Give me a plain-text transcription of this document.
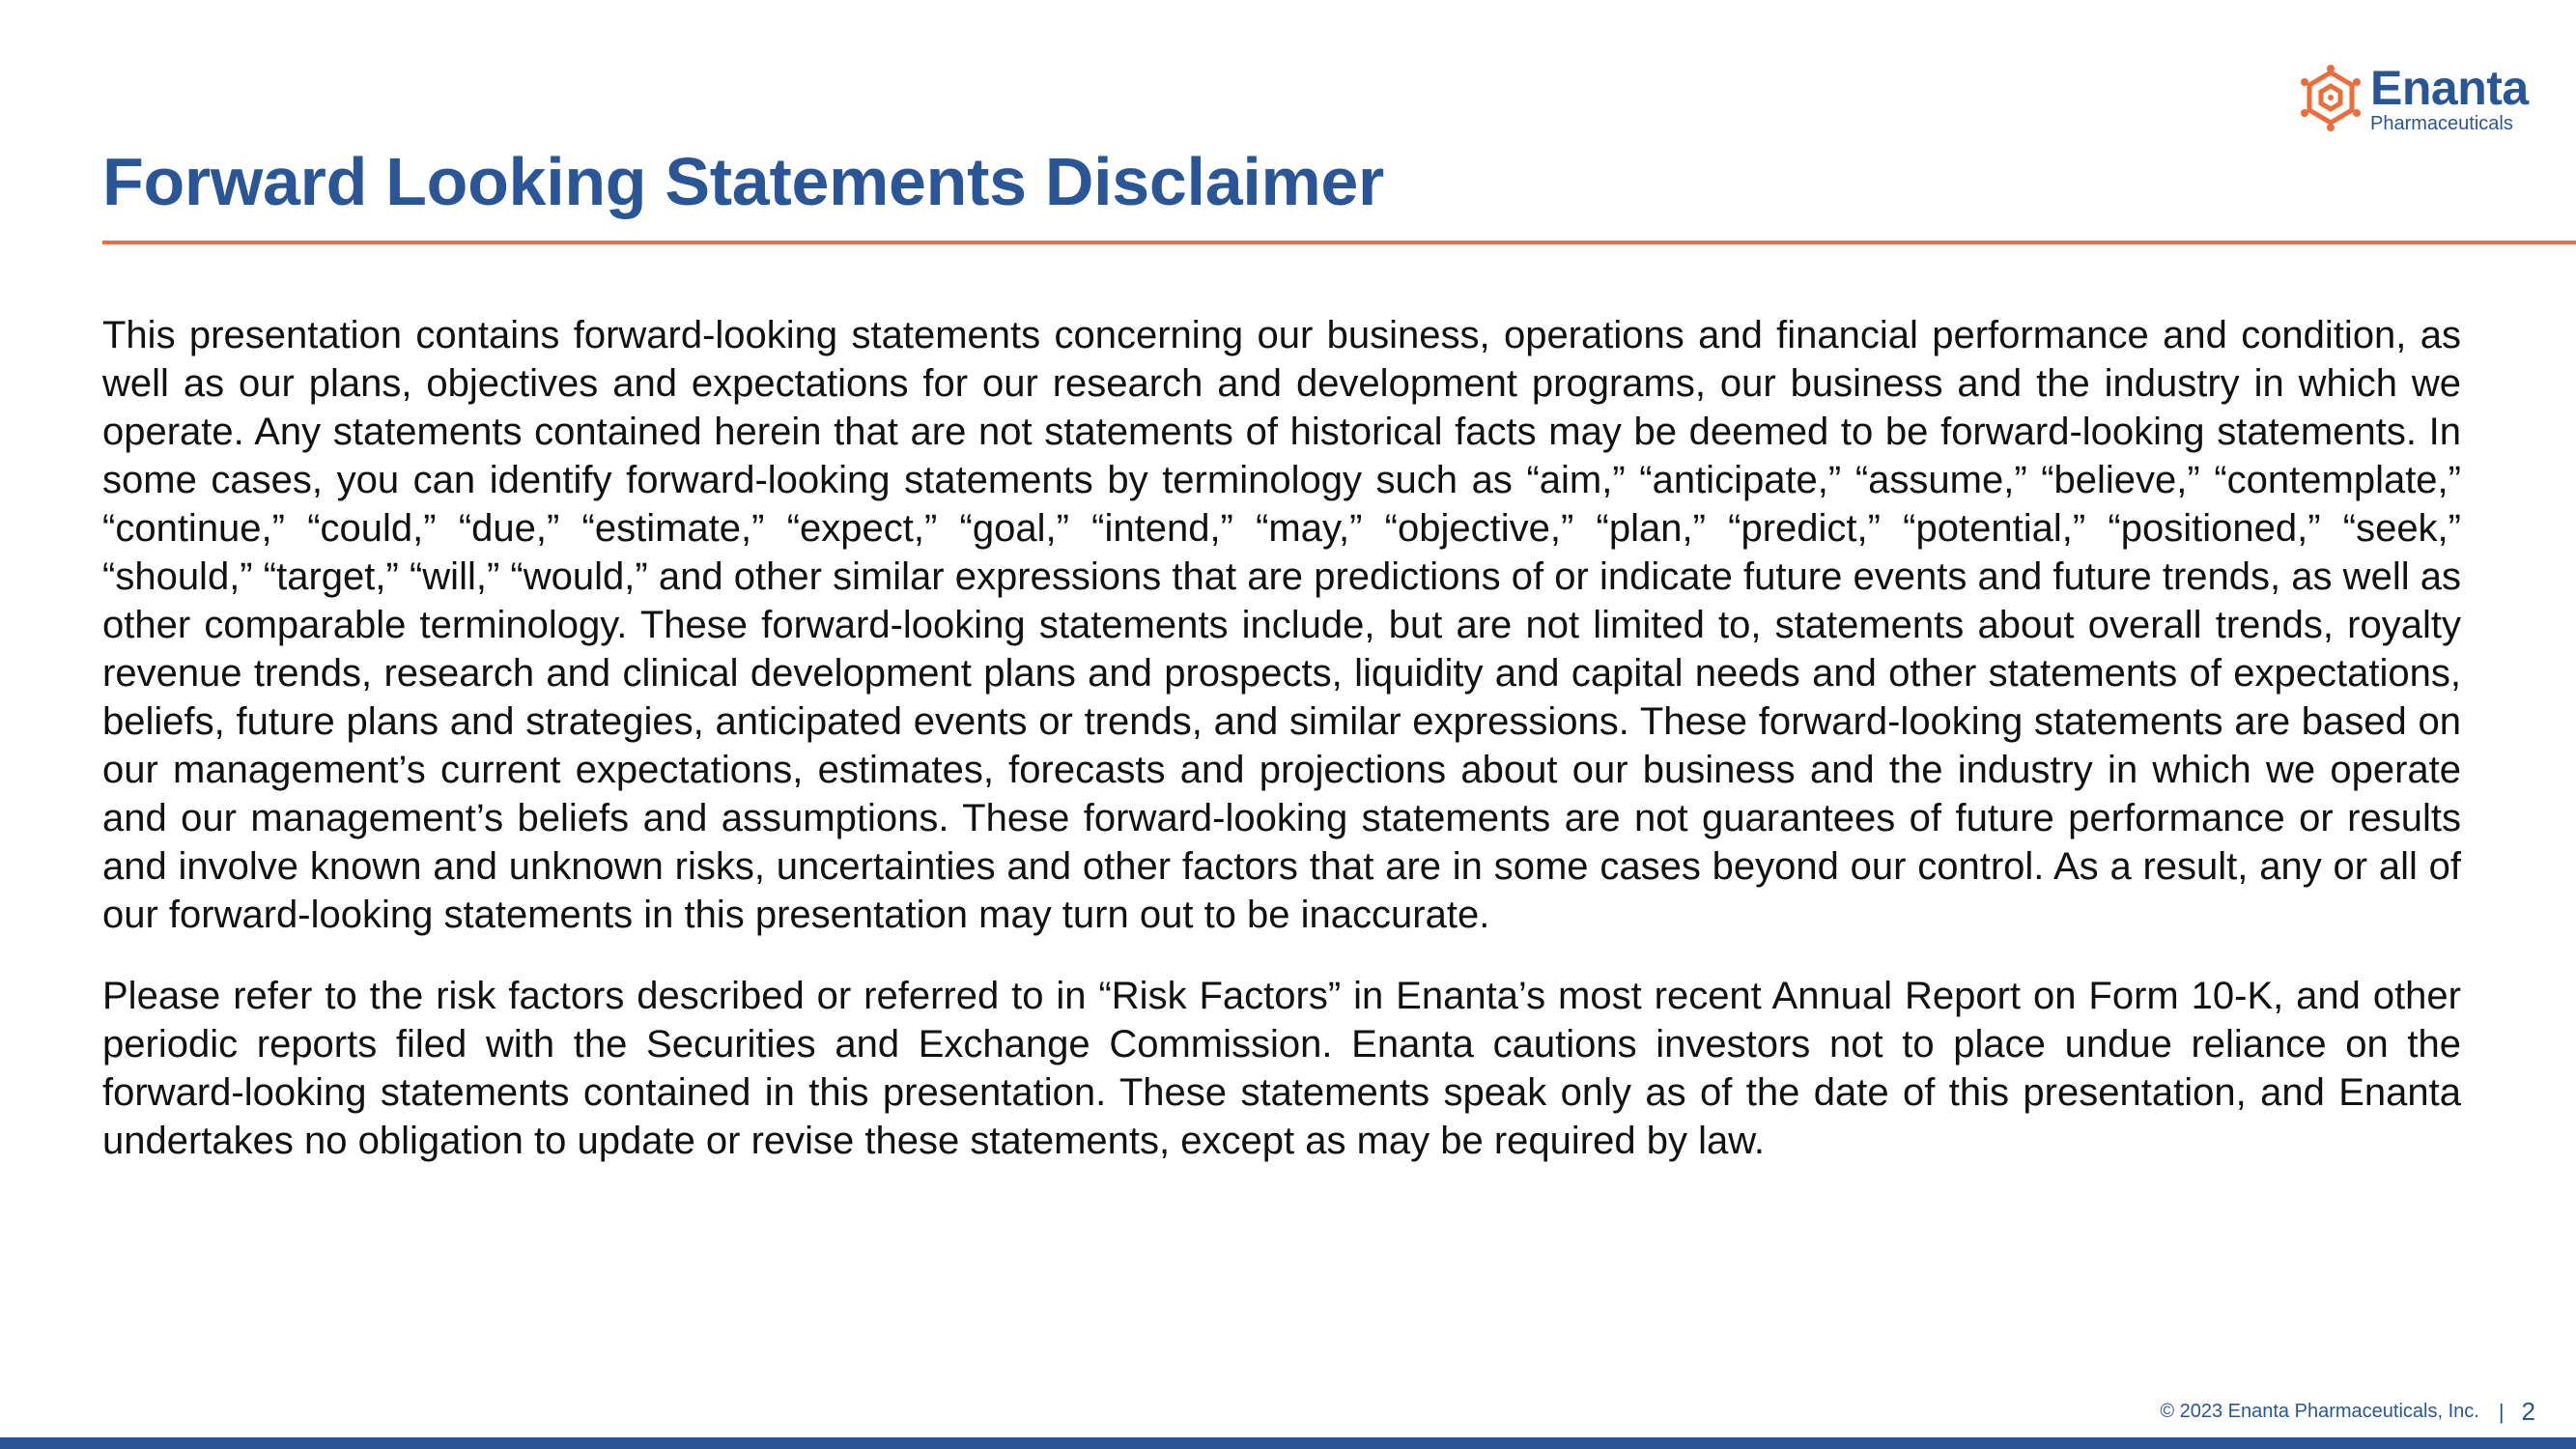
Enanta
Pharmaceuticals
Forward Looking Statements Disclaimer

This presentation contains forward-looking statements concerning our business, operations and financial performance and condition, as well as our plans, objectives and expectations for our research and development programs, our business and the industry in which we operate. Any statements contained herein that are not statements of historical facts may be deemed to be forward-looking statements. In some cases, you can identify forward-looking statements by terminology such as “aim,” “anticipate,” “assume,” “believe,” “contemplate,” “continue,” “could,” “due,” “estimate,” “expect,” “goal,” “intend,” “may,” “objective,” “plan,” “predict,” “potential,” “positioned,” “seek,” “should,” “target,” “will,” “would,” and other similar expressions that are predictions of or indicate future events and future trends, as well as other comparable terminology. These forward-looking statements include, but are not limited to, statements about overall trends, royalty revenue trends, research and clinical development plans and prospects, liquidity and capital needs and other statements of expectations, beliefs, future plans and strategies, anticipated events or trends, and similar expressions. These forward-looking statements are based on our management’s current expectations, estimates, forecasts and projections about our business and the industry in which we operate and our management’s beliefs and assumptions. These forward-looking statements are not guarantees of future performance or results and involve known and unknown risks, uncertainties and other factors that are in some cases beyond our control. As a result, any or all of our forward-looking statements in this presentation may turn out to be inaccurate.

Please refer to the risk factors described or referred to in “Risk Factors” in Enanta’s most recent Annual Report on Form 10-K, and other periodic reports filed with the Securities and Exchange Commission. Enanta cautions investors not to place undue reliance on the forward-looking statements contained in this presentation. These statements speak only as of the date of this presentation, and Enanta undertakes no obligation to update or revise these statements, except as may be required by law.

© 2023 Enanta Pharmaceuticals, Inc. | 2
